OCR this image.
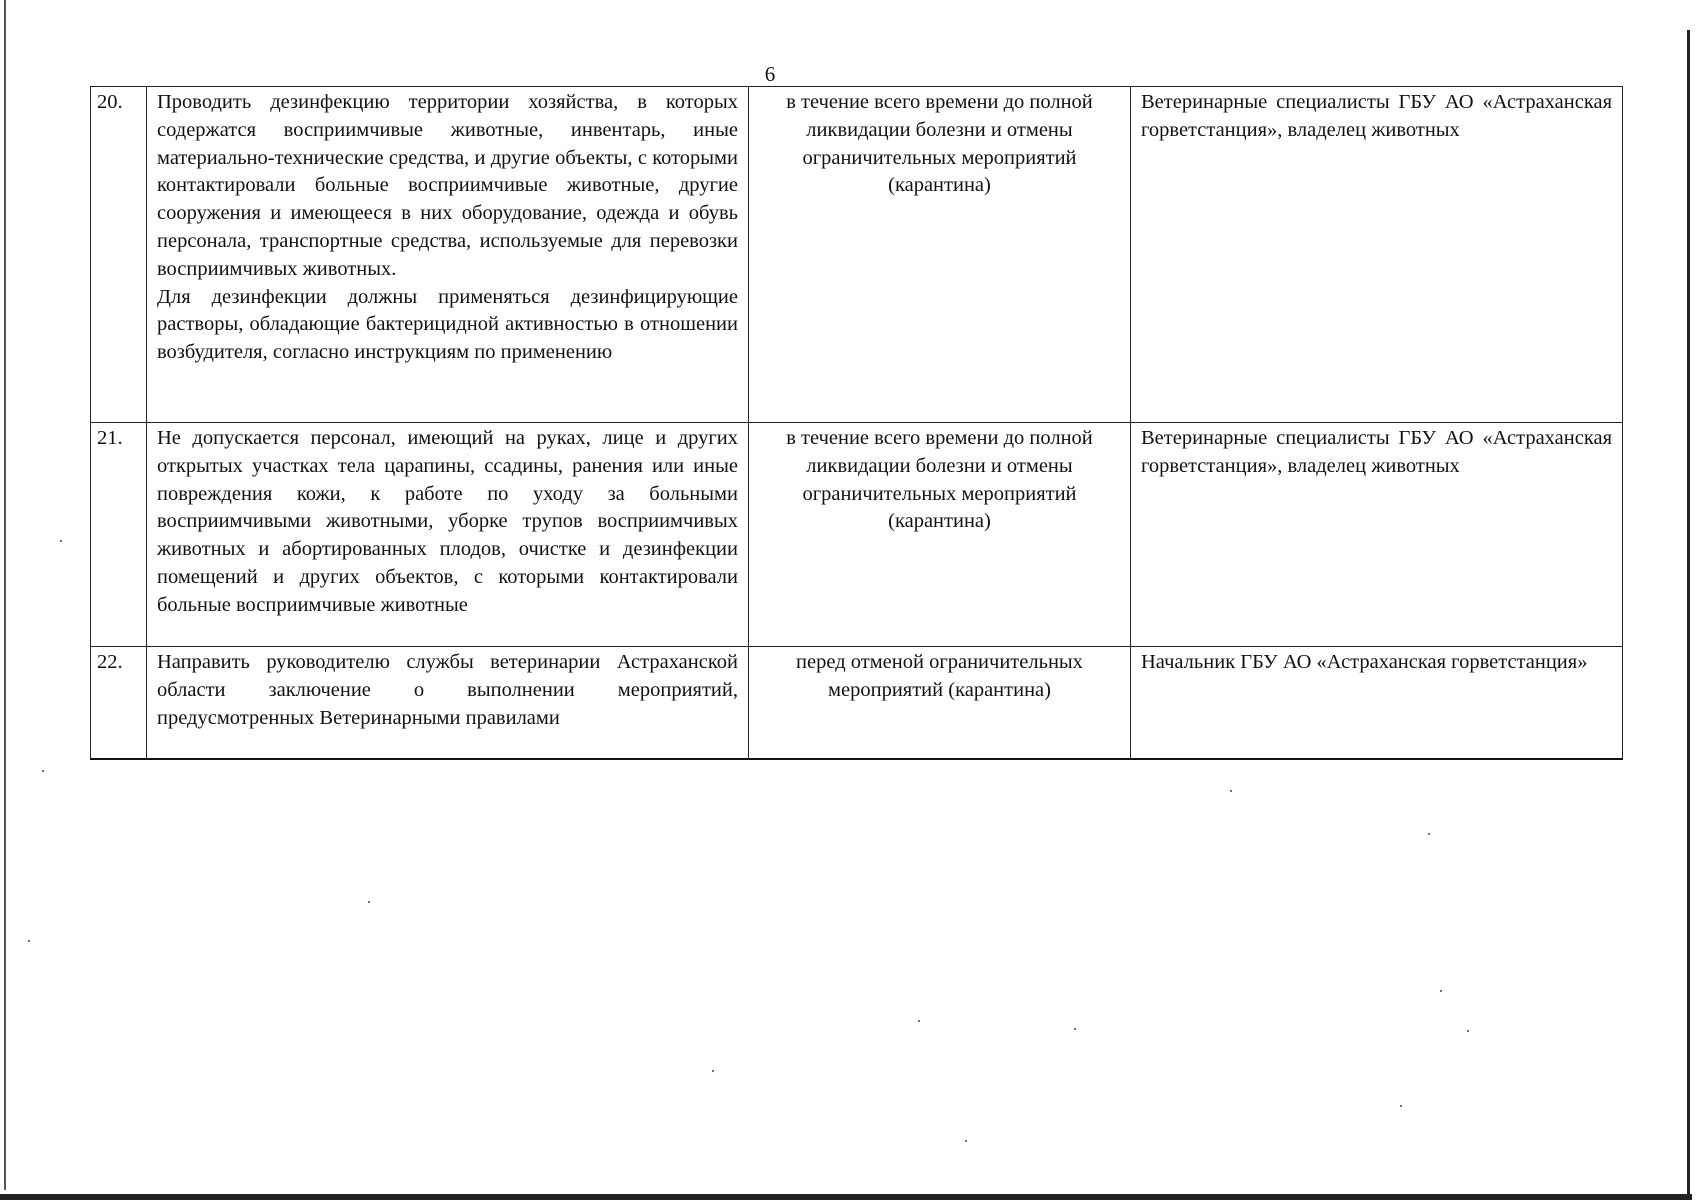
6
20.	Проводить дезинфекцию территории хозяйства, в которых содержатся восприимчивые животные, инвентарь, иные материально-технические средства, и другие объекты, с которыми контактировали больные восприимчивые животные, другие сооружения и имеющееся в них оборудование, одежда и обувь персонала, транспортные средства, используемые для перевозки восприимчивых животных.
Для дезинфекции должны применяться дезинфицирующие растворы, обладающие бактерицидной активностью в отношении возбудителя, согласно инструкциям по применению	в течение всего времени до полной ликвидации болезни и отмены ограничительных мероприятий
(карантина)	Ветеринарные специалисты ГБУ АО «Астраханская горветстанция», владелец животных

21.	Не допускается персонал, имеющий на руках, лице и других открытых участках тела царапины, ссадины, ранения или иные повреждения кожи, к работе по уходу за больными восприимчивыми животными, уборке трупов восприимчивых животных и абортированных плодов, очистке и дезинфекции помещений и других объектов, с которыми контактировали больные восприимчивые животные	в течение всего времени до полной ликвидации болезни и отмены ограничительных мероприятий
(карантина)	Ветеринарные специалисты ГБУ АО «Астраханская горветстанция», владелец животных

22.	Направить руководителю службы ветеринарии Астраханской области заключение о выполнении мероприятий, предусмотренных Ветеринарными правилами	перед отменой ограничительных мероприятий (карантина)	Начальник ГБУ АО «Астраханская горветстанция»
